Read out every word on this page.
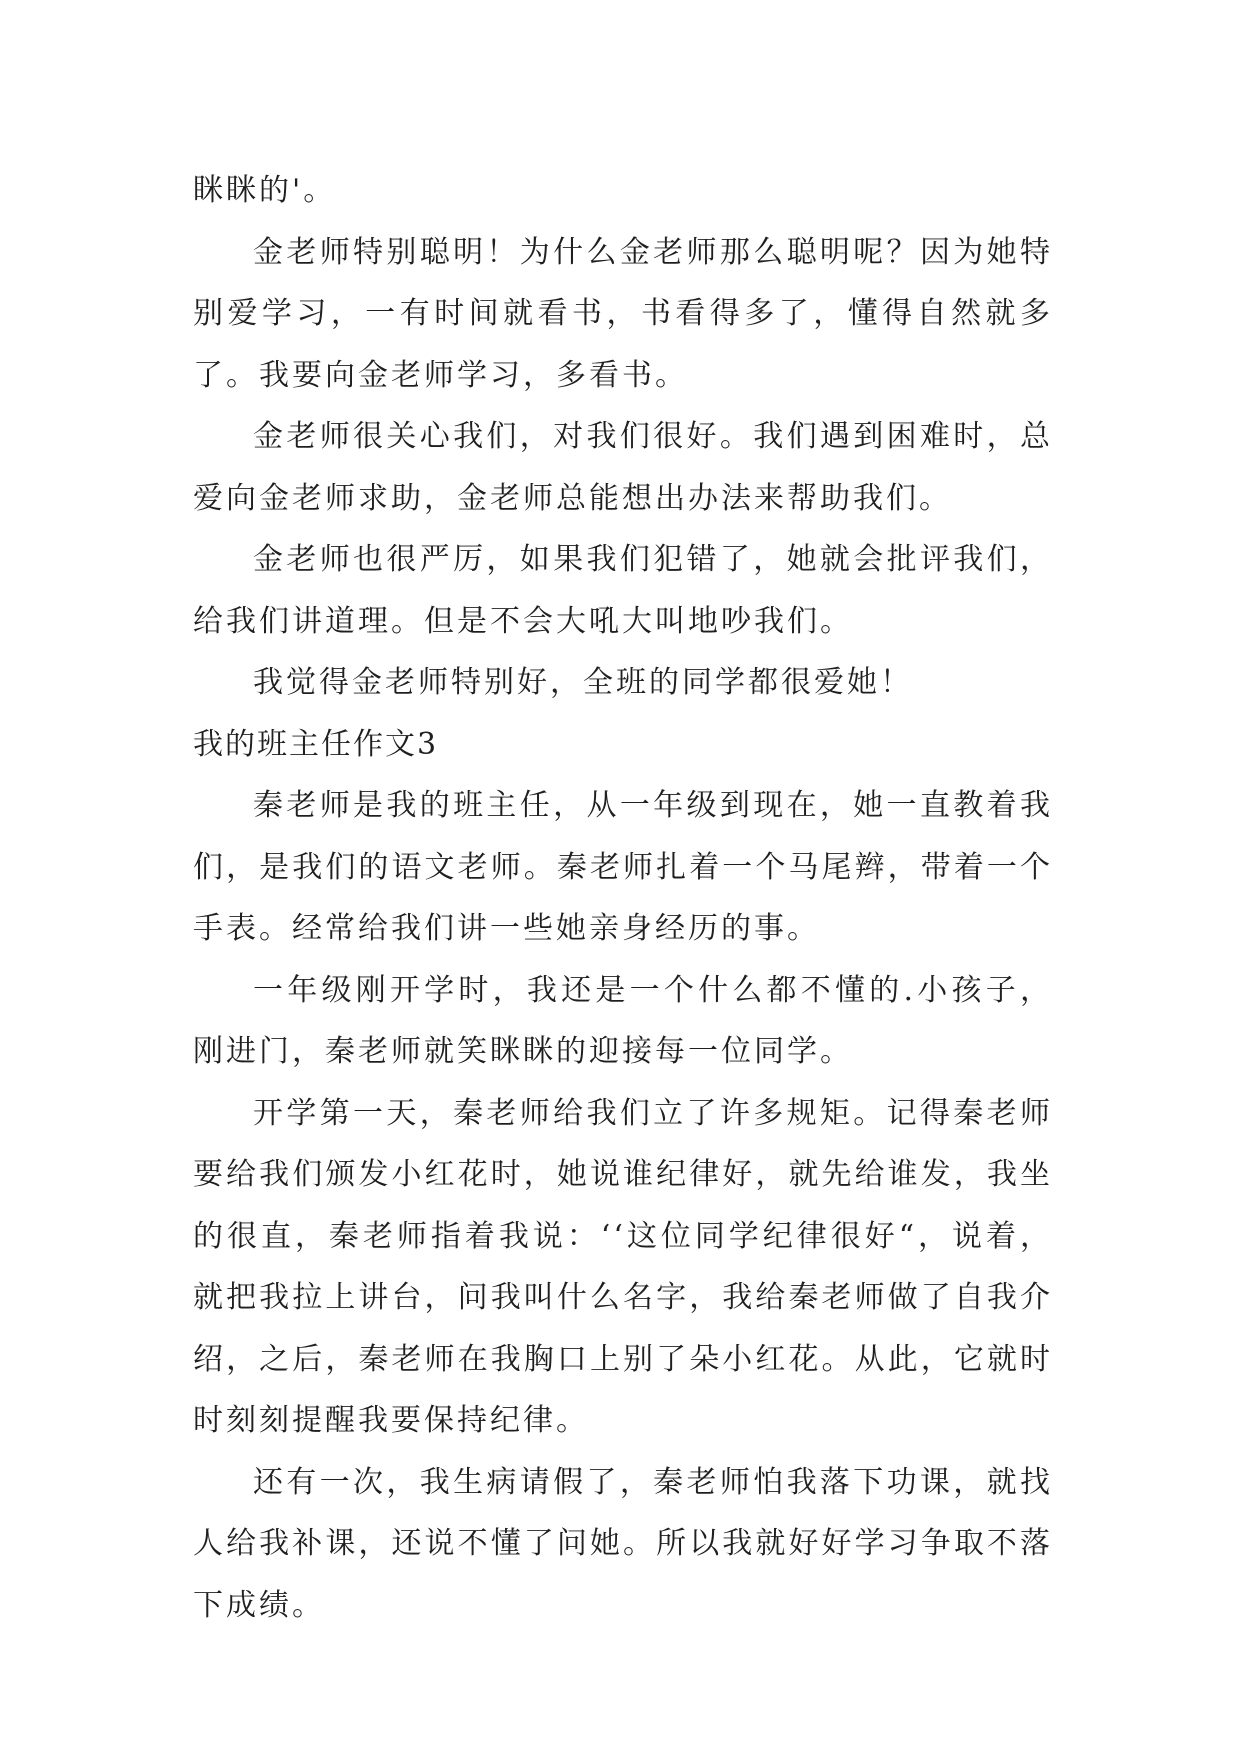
眯眯的'。

金老师特别聪明！为什么金老师那么聪明呢？因为她特别爱学习，一有时间就看书，书看得多了，懂得自然就多了。我要向金老师学习，多看书。

金老师很关心我们，对我们很好。我们遇到困难时，总爱向金老师求助，金老师总能想出办法来帮助我们。

金老师也很严厉，如果我们犯错了，她就会批评我们，给我们讲道理。但是不会大吼大叫地吵我们。

我觉得金老师特别好，全班的同学都很爱她！

我的班主任作文3

秦老师是我的班主任，从一年级到现在，她一直教着我们，是我们的语文老师。秦老师扎着一个马尾辫，带着一个手表。经常给我们讲一些她亲身经历的事。

一年级刚开学时，我还是一个什么都不懂的.小孩子，刚进门，秦老师就笑眯眯的迎接每一位同学。

开学第一天，秦老师给我们立了许多规矩。记得秦老师要给我们颁发小红花时，她说谁纪律好，就先给谁发，我坐的很直，秦老师指着我说：‘‘这位同学纪律很好“，说着，就把我拉上讲台，问我叫什么名字，我给秦老师做了自我介绍，之后，秦老师在我胸口上别了朵小红花。从此，它就时时刻刻提醒我要保持纪律。

还有一次，我生病请假了，秦老师怕我落下功课，就找人给我补课，还说不懂了问她。所以我就好好学习争取不落下成绩。
